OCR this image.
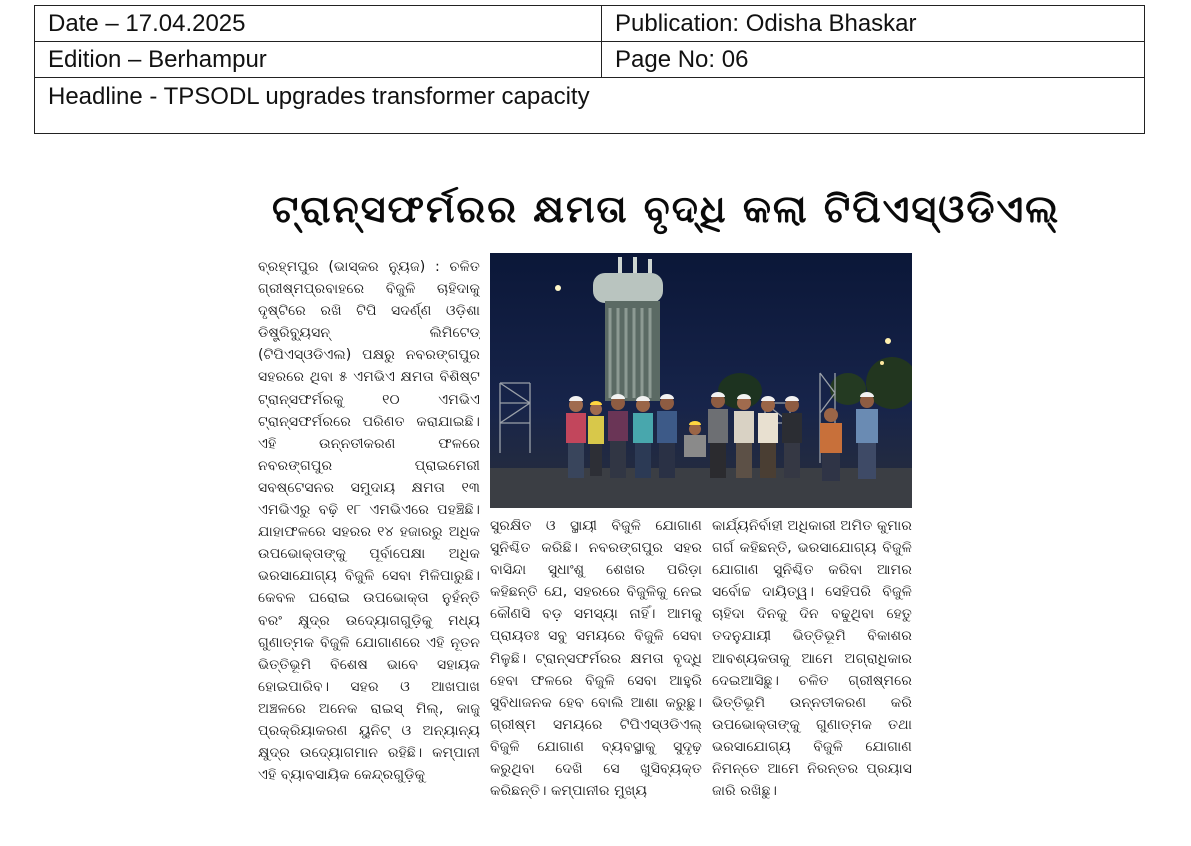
Date – 17.04.2025	Publication: Odisha Bhaskar
Edition – Berhampur	Page No: 06
Headline - TPSODL upgrades transformer capacity
ଟ୍ରାନ୍ସଫର୍ମରର କ୍ଷମତା ବୃଦ୍ଧି କଲା ଟିପିଏସ୍‌ଓଡିଏଲ୍

ବ୍ରହ୍ମପୁର (ଭାସ୍କର ନ୍ୟୁଜ) : ଚଳିତ ଗ୍ରୀଷ୍ମପ୍ରବାହରେ ବିଜୁଳି ଚାହିଦାକୁ ଦୃଷ୍ଟିରେ ରଖି ଟିପି ସଦର୍ଣ୍ଣ ଓଡ଼ିଶା ଡିଷ୍ଟ୍ରିବ୍ୟୁସନ୍ ଲିମିଟେଡ୍ (ଟିପିଏସ୍‌ଓଡିଏଲ) ପକ୍ଷରୁ ନବରଙ୍ଗପୁର ସହରରେ ଥିବା ୫ ଏମଭିଏ କ୍ଷମତା ବିଶିଷ୍ଟ ଟ୍ରାନ୍ସଫର୍ମରକୁ ୧୦ ଏମଭିଏ ଟ୍ରାନ୍ସଫର୍ମରରେ ପରିଣତ କରାଯାଇଛି। ଏହି ଉନ୍ନତୀକରଣ ଫଳରେ ନବରଙ୍ଗପୁର ପ୍ରାଇମେରୀ ସବଷ୍ଟେସନର ସମୁଦାୟ କ୍ଷମତା ୧୩ ଏମଭିଏରୁ ବଢ଼ି ୧୮ ଏମଭିଏରେ ପହଞ୍ଚିଛି। ଯାହାଫଳରେ ସହରର ୧୪ ହଜାରରୁ ଅଧିକ ଉପଭୋକ୍ତାଙ୍କୁ ପୂର୍ବାପେକ୍ଷା ଅଧିକ ଭରସାଯୋଗ୍ୟ ବିଜୁଳି ସେବା ମିଳିପାରୁଛି। କେବଳ ଘରୋଇ ଉପଭୋକ୍ତା ନୁହଁନ୍ତି ବରଂ କ୍ଷୁଦ୍ର ଉଦ୍ୟୋଗଗୁଡ଼ିକୁ ମଧ୍ୟ ଗୁଣାତ୍ମକ ବିଜୁଳି ଯୋଗାଣରେ ଏହି ନୂତନ ଭିତ୍ତିଭୂମି ବିଶେଷ ଭାବେ ସହାୟକ ହୋଇପାରିବ। ସହର ଓ ଆଖପାଖ ଅଞ୍ଚଳରେ ଅନେକ ରାଇସ୍ ମିଲ୍, କାଜୁ ପ୍ରକ୍ରିୟାକରଣ ୟୁନିଟ୍ ଓ ଅନ୍ୟାନ୍ୟ କ୍ଷୁଦ୍ର ଉଦ୍ୟୋଗମାନ ରହିଛି। କମ୍ପାନୀ ଏହି ବ୍ୟାବସାୟିକ କେନ୍ଦ୍ରଗୁଡ଼ିକୁ

ସୁରକ୍ଷିତ ଓ ସ୍ଥାୟୀ ବିଜୁଳି ଯୋଗାଣ ସୁନିଶ୍ଚିତ କରିଛି। ନବରଙ୍ଗପୁର ସହର ବାସିନ୍ଦା ସୁଧାଂଶୁ ଶେଖର ପରିଡ଼ା କହିଛନ୍ତି ଯେ, ସହରରେ ବିଜୁଳିକୁ ନେଇ କୌଣସି ବଡ଼ ସମସ୍ୟା ନାହିଁ। ଆମକୁ ପ୍ରାୟତଃ ସବୁ ସମୟରେ ବିଜୁଳି ସେବା ମିଳୁଛି। ଟ୍ରାନ୍ସଫର୍ମରର କ୍ଷମତା ବୃଦ୍ଧି ହେବା ଫଳରେ ବିଜୁଳି ସେବା ଆହୁରି ସୁବିଧାଜନକ ହେବ ବୋଲି ଆଶା କରୁଛୁ। ଗ୍ରୀଷ୍ମ ସମୟରେ ଟିପିଏସ୍‌ଓଡିଏଲ୍ ବିଜୁଳି ଯୋଗାଣ ବ୍ୟବସ୍ଥାକୁ ସୁଦୃଢ଼ କରୁଥିବା ଦେଖି ସେ ଖୁସିବ୍ୟକ୍ତ କରିଛନ୍ତି। କମ୍ପାନୀର ମୁଖ୍ୟ

କାର୍ଯ୍ୟନିର୍ବାହୀ ଅଧିକାରୀ ଅମିତ କୁମାର ଗର୍ଗ କହିଛନ୍ତି, ଭରସାଯୋଗ୍ୟ ବିଜୁଳି ଯୋଗାଣ ସୁନିଶ୍ଚିତ କରିବା ଆମର ସର୍ବୋଚ୍ଚ ଦାୟିତ୍ୱ। ସେହିପରି ବିଜୁଳି ଚାହିଦା ଦିନକୁ ଦିନ ବଢୁଥିବା ହେତୁ ତଦନୁଯାୟୀ ଭିତ୍ତିଭୂମି ବିକାଶର ଆବଶ୍ୟକତାକୁ ଆମେ ଅଗ୍ରାଧିକାର ଦେଇଆସିଛୁ। ଚଳିତ ଗ୍ରୀଷ୍ମରେ ଭିତ୍ତିଭୂମି ଉନ୍ନତୀକରଣ କରି ଉପଭୋକ୍ତାଙ୍କୁ ଗୁଣାତ୍ମକ ତଥା ଭରସାଯୋଗ୍ୟ ବିଜୁଳି ଯୋଗାଣ ନିମନ୍ତେ ଆମେ ନିରନ୍ତର ପ୍ରୟାସ ଜାରି ରଖିଛୁ।
